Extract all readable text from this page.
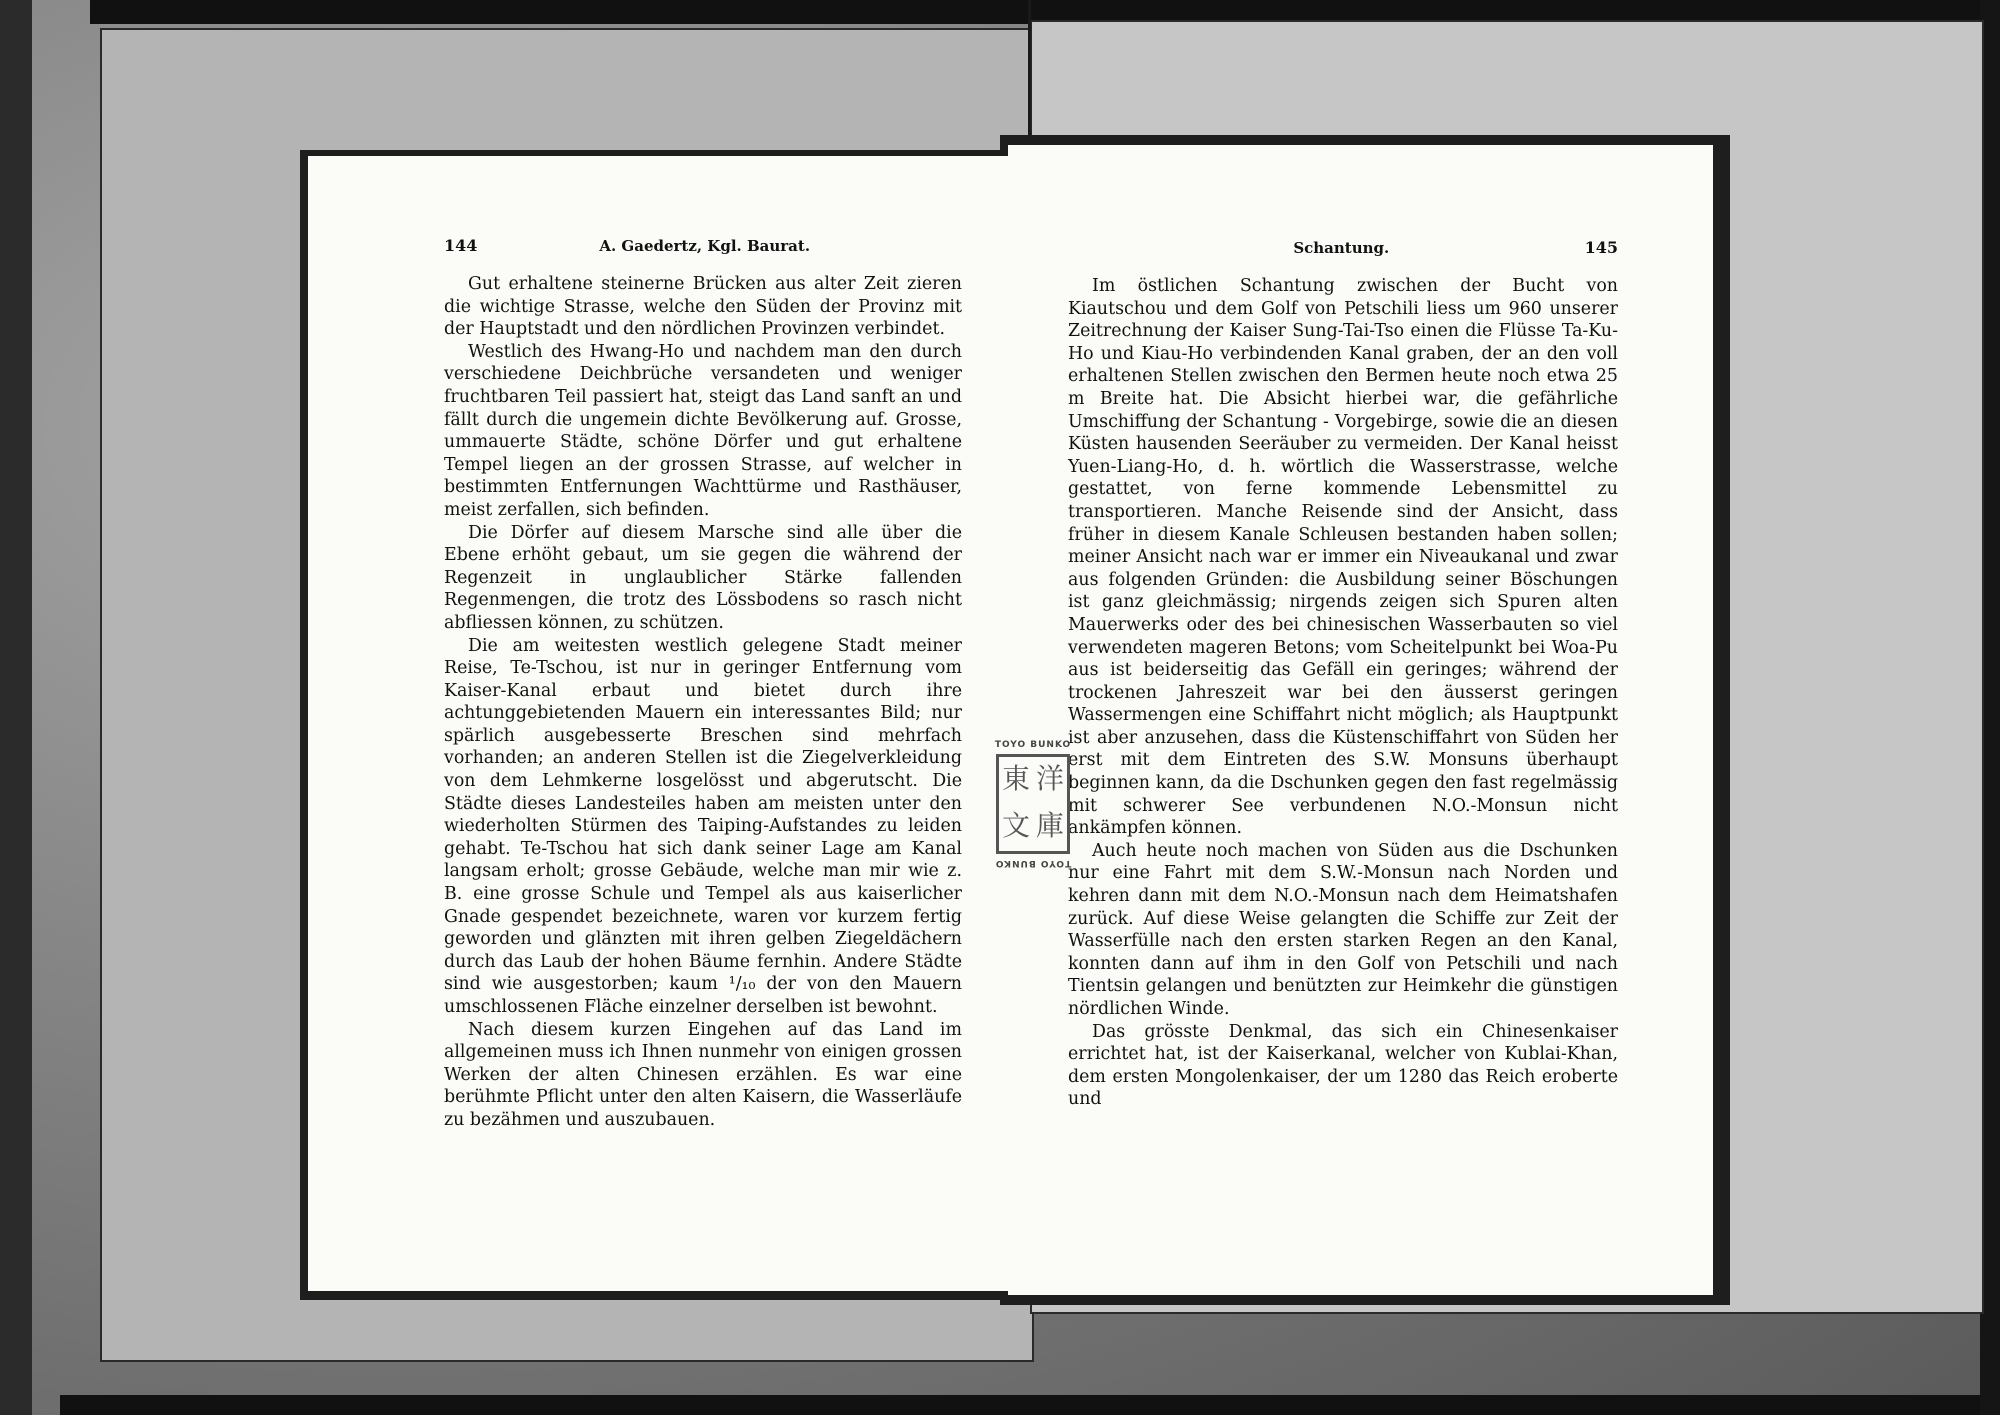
144	A. Gaedertz, Kgl. Baurat.

Gut erhaltene steinerne Brücken aus alter Zeit zieren die wichtige Strasse, welche den Süden der Provinz mit der Hauptstadt und den nördlichen Provinzen verbindet.

Westlich des Hwang-Ho und nachdem man den durch verschiedene Deichbrüche versandeten und weniger fruchtbaren Teil passiert hat, steigt das Land sanft an und fällt durch die ungemein dichte Bevölkerung auf. Grosse, ummauerte Städte, schöne Dörfer und gut erhaltene Tempel liegen an der grossen Strasse, auf welcher in bestimmten Entfernungen Wachttürme und Rasthäuser, meist zerfallen, sich befinden.

Die Dörfer auf diesem Marsche sind alle über die Ebene erhöht gebaut, um sie gegen die während der Regenzeit in unglaublicher Stärke fallenden Regenmengen, die trotz des Lössbodens so rasch nicht abfliessen können, zu schützen.

Die am weitesten westlich gelegene Stadt meiner Reise, Te-Tschou, ist nur in geringer Entfernung vom Kaiser-Kanal erbaut und bietet durch ihre achtunggebietenden Mauern ein interessantes Bild; nur spärlich ausgebesserte Breschen sind mehrfach vorhanden; an anderen Stellen ist die Ziegelverkleidung von dem Lehmkerne losgelösst und abgerutscht. Die Städte dieses Landesteiles haben am meisten unter den wiederholten Stürmen des Taiping-Aufstandes zu leiden gehabt. Te-Tschou hat sich dank seiner Lage am Kanal langsam erholt; grosse Gebäude, welche man mir wie z. B. eine grosse Schule und Tempel als aus kaiserlicher Gnade gespendet bezeichnete, waren vor kurzem fertig geworden und glänzten mit ihren gelben Ziegeldächern durch das Laub der hohen Bäume fernhin. Andere Städte sind wie ausgestorben; kaum ¹/₁₀ der von den Mauern umschlossenen Fläche einzelner derselben ist bewohnt.

Nach diesem kurzen Eingehen auf das Land im allgemeinen muss ich Ihnen nunmehr von einigen grossen Werken der alten Chinesen erzählen. Es war eine berühmte Pflicht unter den alten Kaisern, die Wasserläufe zu bezähmen und auszubauen.

Schantung.	145

Im östlichen Schantung zwischen der Bucht von Kiautschou und dem Golf von Petschili liess um 960 unserer Zeitrechnung der Kaiser Sung-Tai-Tso einen die Flüsse Ta-Ku-Ho und Kiau-Ho verbindenden Kanal graben, der an den voll erhaltenen Stellen zwischen den Bermen heute noch etwa 25 m Breite hat. Die Absicht hierbei war, die gefährliche Umschiffung der Schantung - Vorgebirge, sowie die an diesen Küsten hausenden Seeräuber zu vermeiden. Der Kanal heisst Yuen-Liang-Ho, d. h. wörtlich die Wasserstrasse, welche gestattet, von ferne kommende Lebensmittel zu transportieren. Manche Reisende sind der Ansicht, dass früher in diesem Kanale Schleusen bestanden haben sollen; meiner Ansicht nach war er immer ein Niveaukanal und zwar aus folgenden Gründen: die Ausbildung seiner Böschungen ist ganz gleichmässig; nirgends zeigen sich Spuren alten Mauerwerks oder des bei chinesischen Wasserbauten so viel verwendeten mageren Betons; vom Scheitelpunkt bei Woa-Pu aus ist beiderseitig das Gefäll ein geringes; während der trockenen Jahreszeit war bei den äusserst geringen Wassermengen eine Schiffahrt nicht möglich; als Hauptpunkt ist aber anzusehen, dass die Küstenschiffahrt von Süden her erst mit dem Eintreten des S.W. Monsuns überhaupt beginnen kann, da die Dschunken gegen den fast regelmässig mit schwerer See verbundenen N.O.-Monsun nicht ankämpfen können.

Auch heute noch machen von Süden aus die Dschunken nur eine Fahrt mit dem S.W.-Monsun nach Norden und kehren dann mit dem N.O.-Monsun nach dem Heimatshafen zurück. Auf diese Weise gelangten die Schiffe zur Zeit der Wasserfülle nach den ersten starken Regen an den Kanal, konnten dann auf ihm in den Golf von Petschili und nach Tientsin gelangen und benützten zur Heimkehr die günstigen nördlichen Winde.

Das grösste Denkmal, das sich ein Chinesenkaiser errichtet hat, ist der Kaiserkanal, welcher von Kublai-Khan, dem ersten Mongolenkaiser, der um 1280 das Reich eroberte und

TOYO BUNKO
東 洋
文 庫
TOYO BUNKO
